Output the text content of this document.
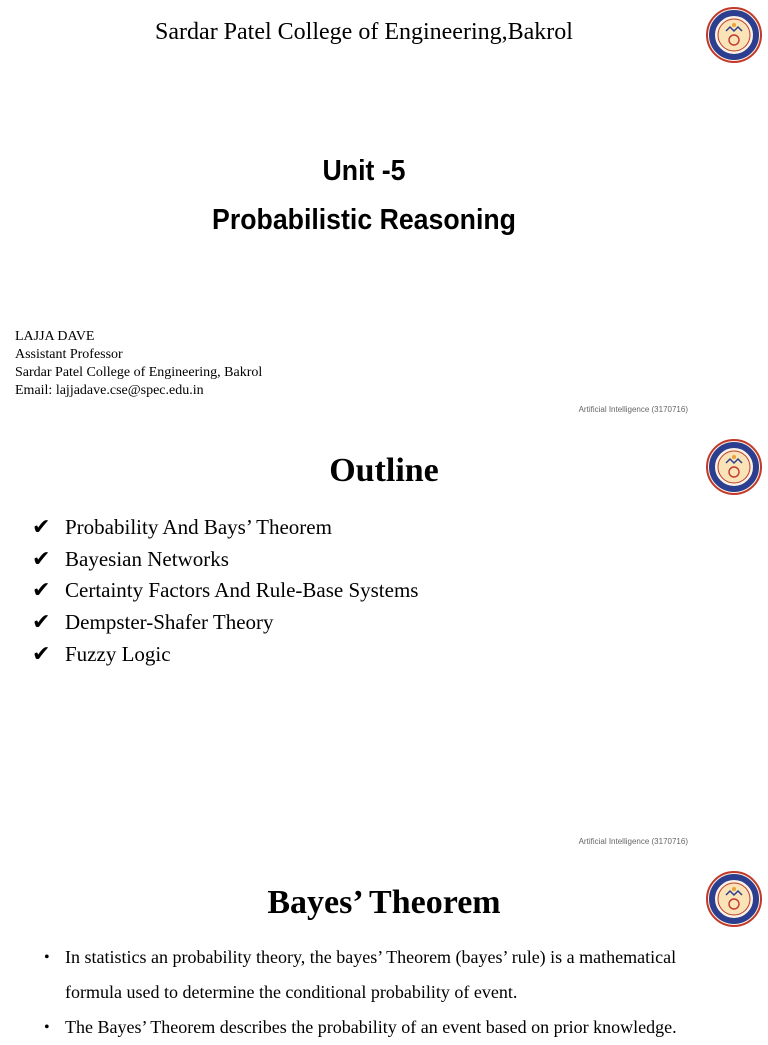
Sardar Patel College of Engineering,Bakrol
Unit -5
Probabilistic Reasoning
LAJJA DAVE
Assistant Professor
Sardar Patel College of Engineering, Bakrol
Email: lajjadave.cse@spec.edu.in
Artificial Intelligence (3170716)
Outline
✔ Probability And Bays’ Theorem
✔ Bayesian Networks
✔ Certainty Factors And Rule-Base Systems
✔ Dempster-Shafer Theory
✔ Fuzzy Logic
Artificial Intelligence (3170716)
Bayes’ Theorem
• In statistics an probability theory, the bayes’ Theorem (bayes’ rule) is a mathematical formula used to determine the conditional probability of event.
• The Bayes’ Theorem describes the probability of an event based on prior knowledge.
